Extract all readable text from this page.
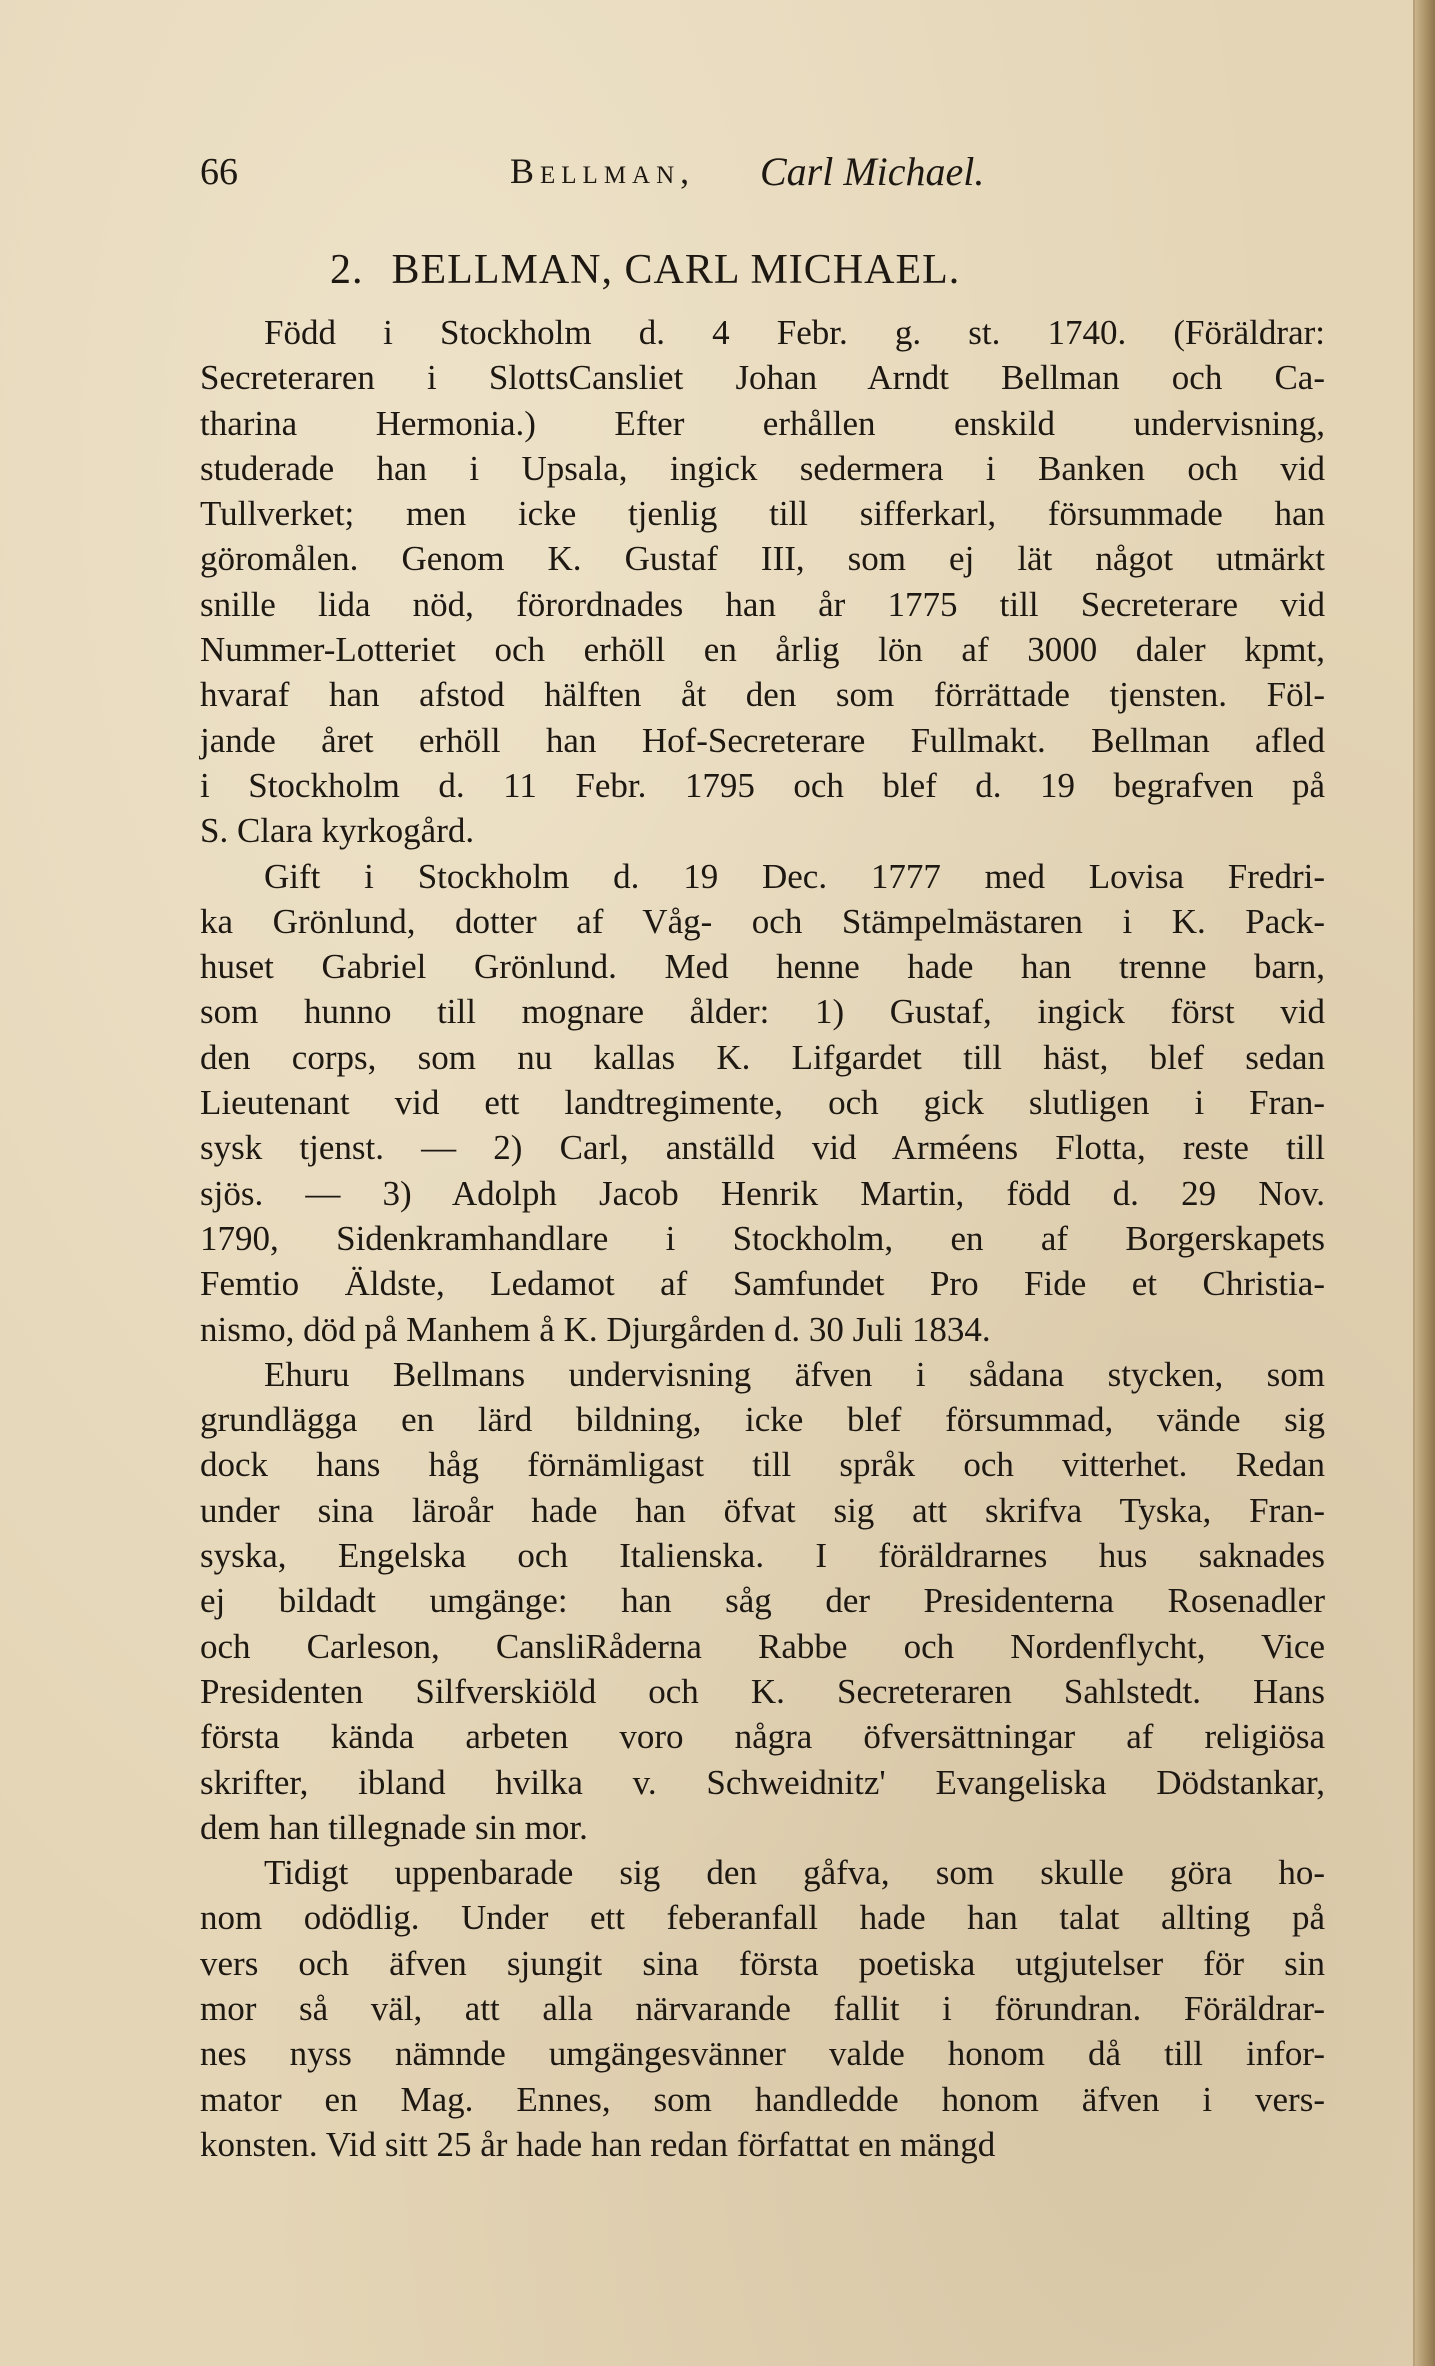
66	Bellman, Carl Michael.
2. BELLMAN, CARL MICHAEL.

Född i Stockholm d. 4 Febr. g. st. 1740. (Föräldrar:
Secreteraren i SlottsCansliet Johan Arndt Bellman och Ca-
tharina Hermonia.) Efter erhållen enskild undervisning,
studerade han i Upsala, ingick sedermera i Banken och vid
Tullverket; men icke tjenlig till sifferkarl, försummade han
göromålen. Genom K. Gustaf III, som ej lät något utmärkt
snille lida nöd, förordnades han år 1775 till Secreterare vid
Nummer-Lotteriet och erhöll en årlig lön af 3000 daler kpmt,
hvaraf han afstod hälften åt den som förrättade tjensten. Föl-
jande året erhöll han Hof-Secreterare Fullmakt. Bellman afled
i Stockholm d. 11 Febr. 1795 och blef d. 19 begrafven på
S. Clara kyrkogård.

Gift i Stockholm d. 19 Dec. 1777 med Lovisa Fredri-
ka Grönlund, dotter af Våg- och Stämpelmästaren i K. Pack-
huset Gabriel Grönlund. Med henne hade han trenne barn,
som hunno till mognare ålder: 1) Gustaf, ingick först vid
den corps, som nu kallas K. Lifgardet till häst, blef sedan
Lieutenant vid ett landtregimente, och gick slutligen i Fran-
sysk tjenst. — 2) Carl, anställd vid Arméens Flotta, reste till
sjös. — 3) Adolph Jacob Henrik Martin, född d. 29 Nov.
1790, Sidenkramhandlare i Stockholm, en af Borgerskapets
Femtio Äldste, Ledamot af Samfundet Pro Fide et Christia-
nismo, död på Manhem å K. Djurgården d. 30 Juli 1834.

Ehuru Bellmans undervisning äfven i sådana stycken, som
grundlägga en lärd bildning, icke blef försummad, vände sig
dock hans håg förnämligast till språk och vitterhet. Redan
under sina läroår hade han öfvat sig att skrifva Tyska, Fran-
syska, Engelska och Italienska. I föräldrarnes hus saknades
ej bildadt umgänge: han såg der Presidenterna Rosenadler
och Carleson, CansliRåderna Rabbe och Nordenflycht, Vice
Presidenten Silfverskiöld och K. Secreteraren Sahlstedt. Hans
första kända arbeten voro några öfversättningar af religiösa
skrifter, ibland hvilka v. Schweidnitz' Evangeliska Dödstankar,
dem han tillegnade sin mor.

Tidigt uppenbarade sig den gåfva, som skulle göra ho-
nom odödlig. Under ett feberanfall hade han talat allting på
vers och äfven sjungit sina första poetiska utgjutelser för sin
mor så väl, att alla närvarande fallit i förundran. Föräldrar-
nes nyss nämnde umgängesvänner valde honom då till infor-
mator en Mag. Ennes, som handledde honom äfven i vers-
konsten. Vid sitt 25 år hade han redan författat en mängd
